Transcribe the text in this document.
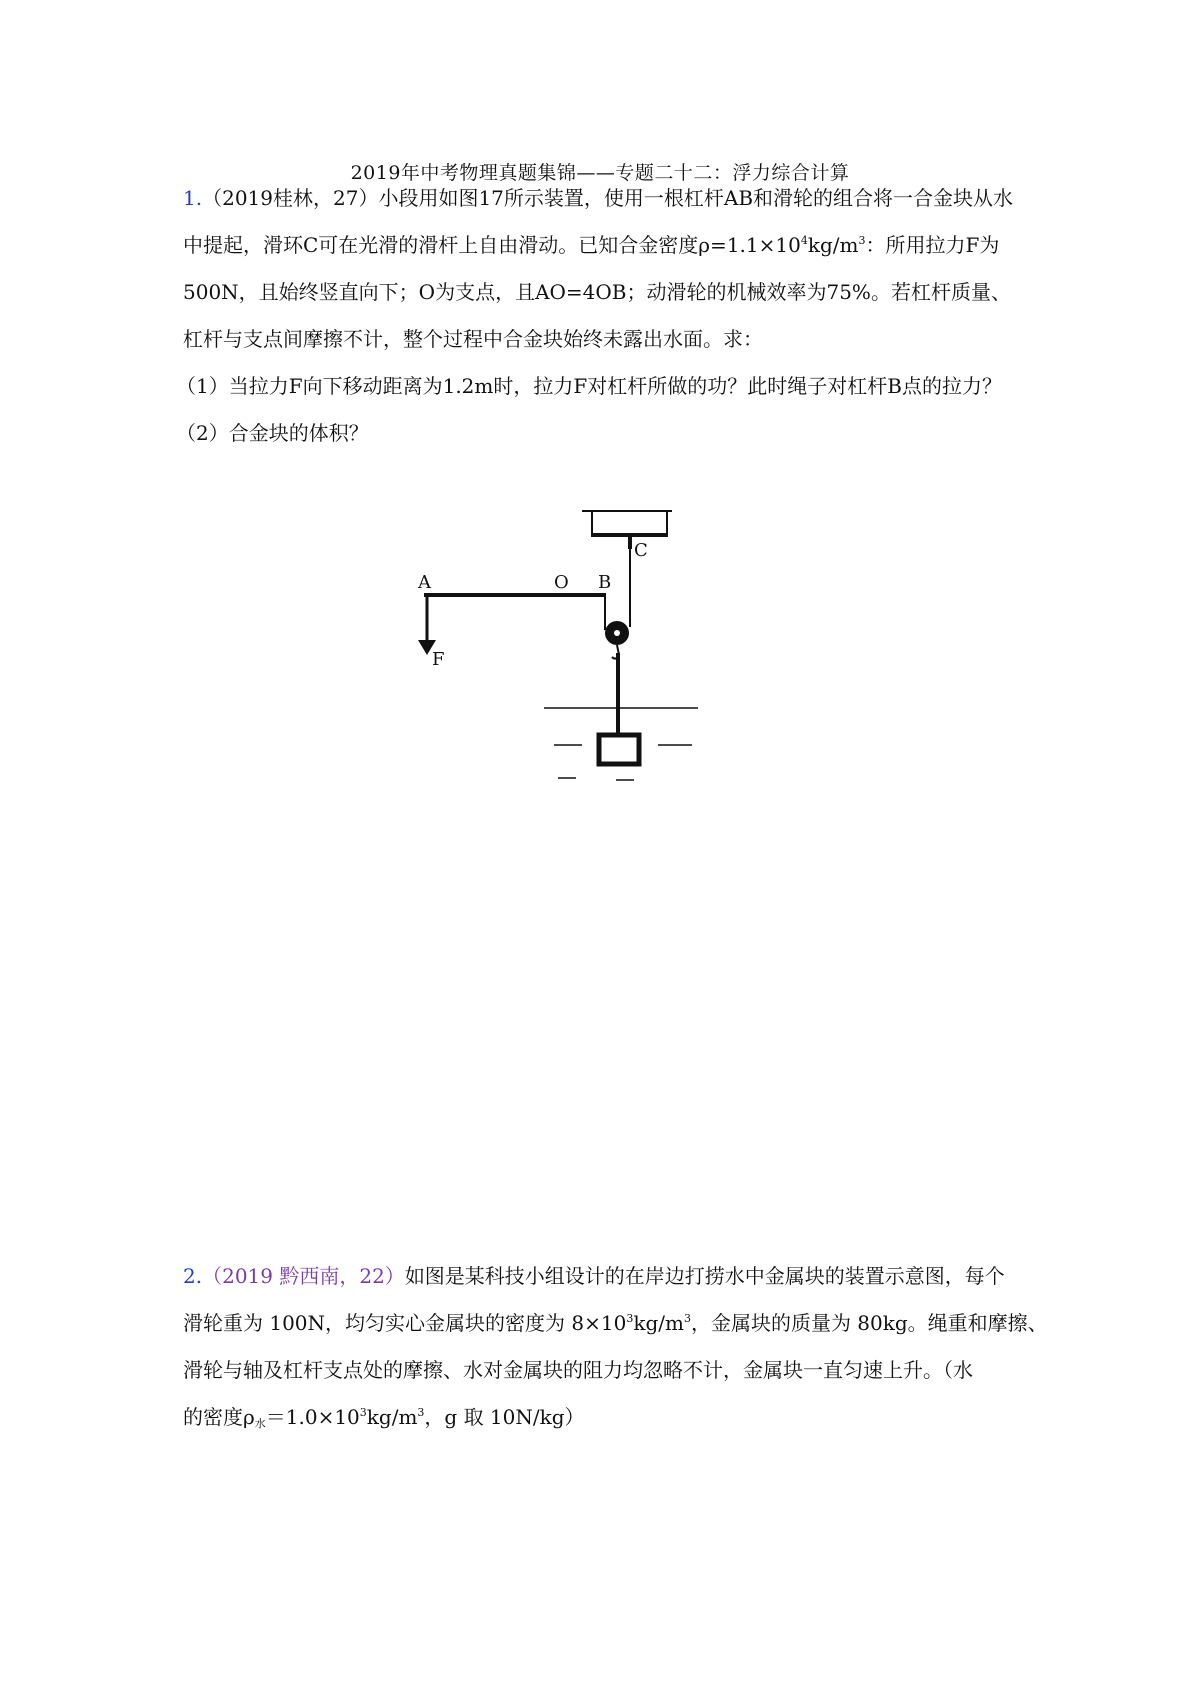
2019年中考物理真题集锦——专题二十二：浮力综合计算
1.（2019桂林，27）小段用如图17所示装置，使用一根杠杆AB和滑轮的组合将一合金块从水
中提起，滑环C可在光滑的滑杆上自由滑动。已知合金密度$\rho=1.1\times 10^4kg/m^3$：所用拉力F为
500N，且始终竖直向下；O为支点，且AO=4OB；动滑轮的机械效率为75%。若杠杆质量、
杠杆与支点间摩擦不计，整个过程中合金块始终未露出水面。求：
（1）当拉力F向下移动距离为1.2m时，拉力F对杠杆所做的功？此时绳子对杠杆B点的拉力？
（2）合金块的体积？
C
A	O B
F
2.（2019 黔西南，22）如图是某科技小组设计的在岸边打捞水中金属块的装置示意图，每个
滑轮重为 100N，均匀实心金属块的密度为 $8\times 10^3kg/m^3$，金属块的质量为 80kg。绳重和摩擦、
滑轮与轴及杠杆支点处的摩擦、水对金属块的阻力均忽略不计，金属块一直匀速上升。（水
的密度$\rho_水=1.0\times 10^3kg/m^3$，g 取 10N/kg）
